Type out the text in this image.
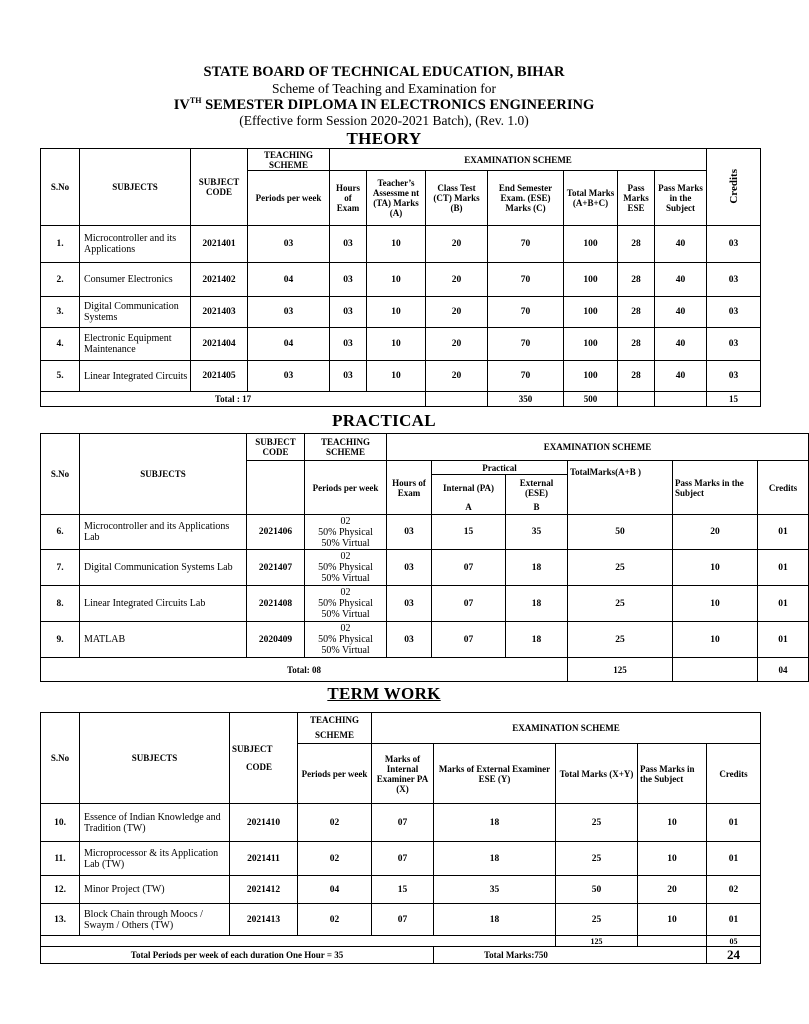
STATE BOARD OF TECHNICAL EDUCATION, BIHAR
Scheme of Teaching and Examination for
IVTH SEMESTER DIPLOMA IN ELECTRONICS ENGINEERING
(Effective form Session 2020-2021 Batch), (Rev. 1.0)
THEORY
S.No	SUBJECTS	SUBJECT CODE	TEACHING SCHEME	EXAMINATION SCHEME							Credits
			Periods per week	Hours of Exam	Teacher’s Assessme nt (TA) Marks (A)	Class Test (CT) Marks (B)	End Semester Exam. (ESE) Marks (C)	Total Marks (A+B+C)	Pass Marks ESE	Pass Marks in the Subject	
1.	Microcontroller and its Applications	2021401	03	03	10	20	70	100	28	40	03
2.	Consumer Electronics	2021402	04	03	10	20	70	100	28	40	03
3.	Digital Communication Systems	2021403	03	03	10	20	70	100	28	40	03
4.	Electronic Equipment Maintenance	2021404	04	03	10	20	70	100	28	40	03
5.	Linear Integrated Circuits	2021405	03	03	10	20	70	100	28	40	03
Total : 17							350	500			15
PRACTICAL
S.No	SUBJECTS	SUBJECT CODE	TEACHING SCHEME	EXAMINATION SCHEME					
			Periods per week	Hours of Exam	Practical		TotalMarks(A+B )	Pass Marks in the Subject	Credits
					Internal (PA)	External (ESE)			
					A	B			
6.	Microcontroller and its Applications Lab	2021406	02
50% Physical
50% Virtual	03	15	35	50	20	01
7.	Digital Communication Systems Lab	2021407	02
50% Physical
50% Virtual	03	07	18	25	10	01
8.	Linear Integrated Circuits Lab	2021408	02
50% Physical
50% Virtual	03	07	18	25	10	01
9.	MATLAB	2020409	02
50% Physical
50% Virtual	03	07	18	25	10	01
Total: 08							125		04
TERM WORK
S.No	SUBJECTS	SUBJECT
CODE	TEACHING	EXAMINATION SCHEME				
			SCHEME					
			Periods per week	Marks of Internal Examiner PA (X)	Marks of External Examiner ESE (Y)	Total Marks (X+Y)	Pass Marks in the Subject	Credits
10.	Essence of Indian Knowledge and Tradition (TW)	2021410	02	07	18	25	10	01
11.	Microprocessor & its Application Lab (TW)	2021411	02	07	18	25	10	01
12.	Minor Project (TW)	2021412	04	15	35	50	20	02
13.	Block Chain through Moocs / Swaym / Others (TW)	2021413	02	07	18	25	10	01
						125		05
Total Periods per week of each duration One Hour = 35					Total Marks:750			24
